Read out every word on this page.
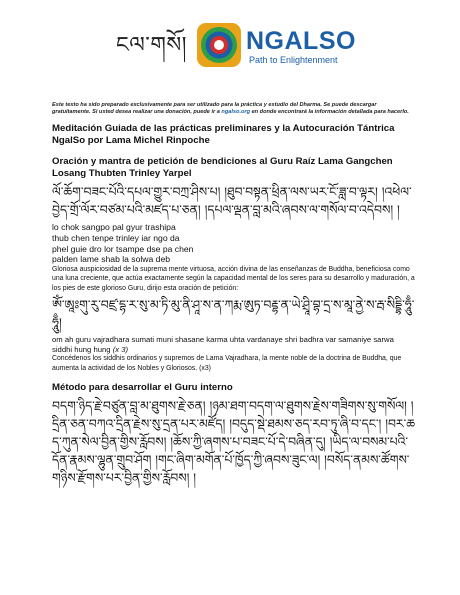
ངལ་གསོ། NGALSO
Path to Enlightenment

Este texto ha sido preparado exclusivamente para ser utilizado para la práctica y estudio del Dharma. Se puede descargar gratuitamente. Si usted desea realizar una donación, puede ir a ngalso.org en donde encontrará la información detallada para hacerlo.

Meditación Guiada de las prácticas preliminares y la Autocuración Tántrica
NgalSo por Lama Michel Rinpoche
Oración y mantra de petición de bendiciones al Guru Raíz Lama Gangchen
Losang Thubten Trinley Yarpel

ལོ་ཆོག་བཟང་པོའི་དཔལ་གྱུར་བཀྲ་ཤིས་པ། །ཐུབ་བསྟན་ཕྲིན་ལས་ཡར་ངོ་ཟླ་བ་ལྟར། །འཕེལ་བྱེད་གྲོ་ལོར་བཙམ་པའི་མཛད་པ་ཅན། །དཔལ་ལྡན་བླ་མའི་ཞབས་ལ་གསོལ་བ་འདེབས། །

lo chok sangpo pal gyur trashipa

thub chen tenpe trinley iar ngo da

phel guie dro lor tsampe dse pa chen

palden lame shab la solwa deb

Gloriosa auspiciosidad de la suprema mente virtuosa, acción divina de las enseñanzas de Buddha, beneficiosa como una luna creciente, que actúa exactamente según la capacidad mental de los seres para su desarrollo y maduración, a los pies de este glorioso Guru, dirijo esta oración de petición:

ཨོཾ་ཨཱཿགུ་རུ་བཛྲ་དྷ་ར་སུ་མ་ཏི་མུ་ནི་ཤཱ་ས་ན་ཀརྨ་ཨུཏ་བརྡྷ་ན་ཡེ་ཤྲཱི་བྷ་དྲ་ས་མཱ་ནྱེ་ས་རྦ་སིདྡྷི་ཧཱུྃ་ཧཱུྃ།

om ah guru vajradhara sumati muni shasane karma uhta vardanaye shri badhra var samaniye sarwa siddhi hung hung (x 3)

Concédenos los siddhis ordinarios y supremos de Lama Vajradhara, la mente noble de la doctrina de Buddha, que aumenta la actividad de los Nobles y Gloriosos. (x3)

Método para desarrollar el Guru interno

བདག་ཉིད་རྗེ་བཙུན་བླ་མ་ཐུགས་རྗེ་ཅན། །ཉམ་ཐག་བདག་ལ་ཐུགས་རྗེས་གཟིགས་སུ་གསོལ། །དྲིན་ཅན་བཀའ་དྲིན་རྗེས་སུ་དྲན་པར་མཛོད། །བདུད་སྡེ་ཐམས་ཅད་རབ་ཏུ་ཞི་བ་དང་། །བར་ཆད་ཀུན་སེལ་བྱིན་གྱིས་རློབས། །ཆོས་ཀྱི་ཞགས་པ་བཟང་པོ་དེ་བཞིན་དུ། །ཡིད་ལ་བསམ་པའི་དོན་རྣམས་ལྷུན་གྲུབ་ཤོག །གང་ཞིག་མགོན་པོ་ཁྱོད་ཀྱི་ཞབས་ཟུང་ལ། །བསོད་ནམས་ཚོགས་གཉིས་རྫོགས་པར་བྱིན་གྱིས་རློབས། །
